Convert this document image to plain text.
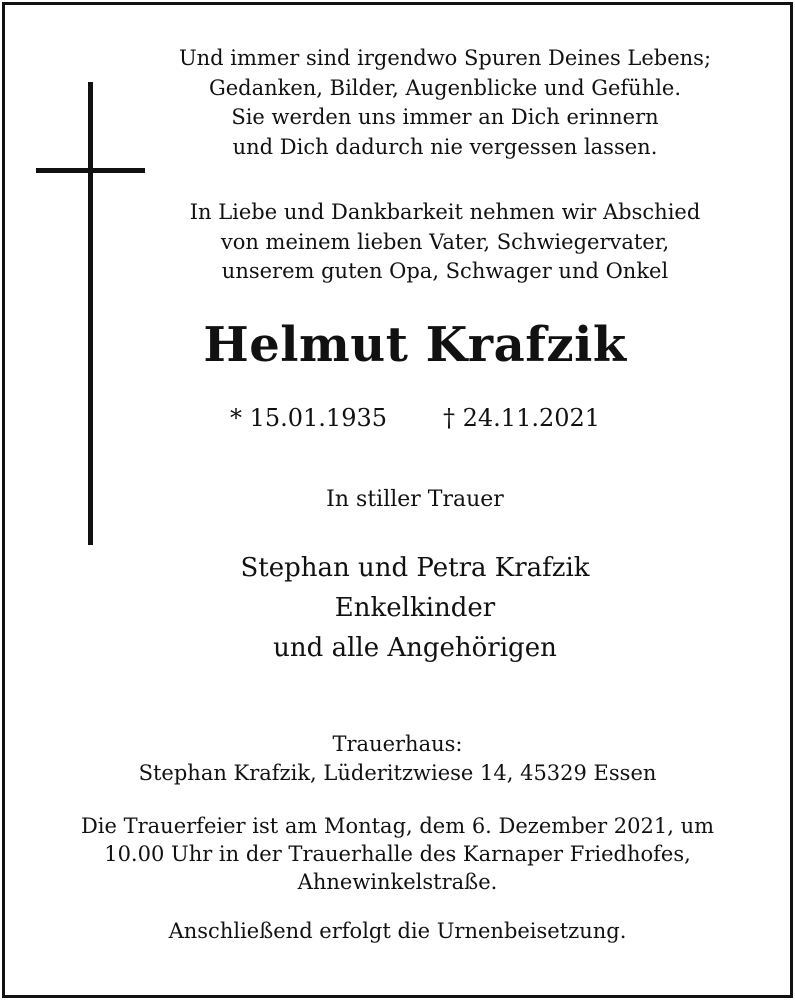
Und immer sind irgendwo Spuren Deines Lebens;
Gedanken, Bilder, Augenblicke und Gefühle.
Sie werden uns immer an Dich erinnern
und Dich dadurch nie vergessen lassen.
In Liebe und Dankbarkeit nehmen wir Abschied
von meinem lieben Vater, Schwiegervater,
unserem guten Opa, Schwager und Onkel
Helmut Krafzik
* 15.01.1935 † 24.11.2021
In stiller Trauer
Stephan und Petra Krafzik
Enkelkinder
und alle Angehörigen
Trauerhaus:
Stephan Krafzik, Lüderitzwiese 14, 45329 Essen
Die Trauerfeier ist am Montag, dem 6. Dezember 2021, um
10.00 Uhr in der Trauerhalle des Karnaper Friedhofes,
Ahnewinkelstraße.
Anschließend erfolgt die Urnenbeisetzung.
